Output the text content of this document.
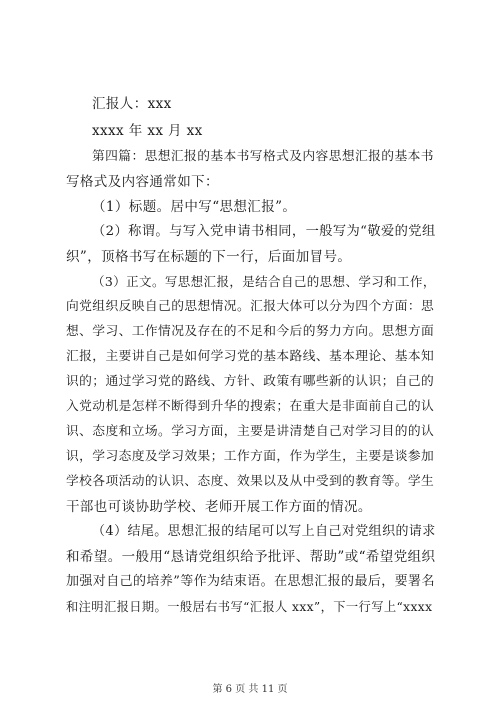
汇报人：xxx
xxxx 年 xx 月 xx
第四篇：思想汇报的基本书写格式及内容思想汇报的基本书
写格式及内容通常如下：
（1）标题。居中写“思想汇报”。
（2）称谓。与写入党申请书相同，一般写为“敬爱的党组
织”，顶格书写在标题的下一行，后面加冒号。
（3）正文。写思想汇报，是结合自己的思想、学习和工作，
向党组织反映自己的思想情况。汇报大体可以分为四个方面：思
想、学习、工作情况及存在的不足和今后的努力方向。思想方面
汇报，主要讲自己是如何学习党的基本路线、基本理论、基本知
识的；通过学习党的路线、方针、政策有哪些新的认识；自己的
入党动机是怎样不断得到升华的搜索；在重大是非面前自己的认
识、态度和立场。学习方面，主要是讲清楚自己对学习目的的认
识，学习态度及学习效果；工作方面，作为学生，主要是谈参加
学校各项活动的认识、态度、效果以及从中受到的教育等。学生
干部也可谈协助学校、老师开展工作方面的情况。
（4）结尾。思想汇报的结尾可以写上自己对党组织的请求
和希望。一般用“恳请党组织给予批评、帮助”或“希望党组织
加强对自己的培养”等作为结束语。在思想汇报的最后，要署名
和注明汇报日期。一般居右书写“汇报人 xxx”，下一行写上“xxxx
第 6 页 共 11 页
